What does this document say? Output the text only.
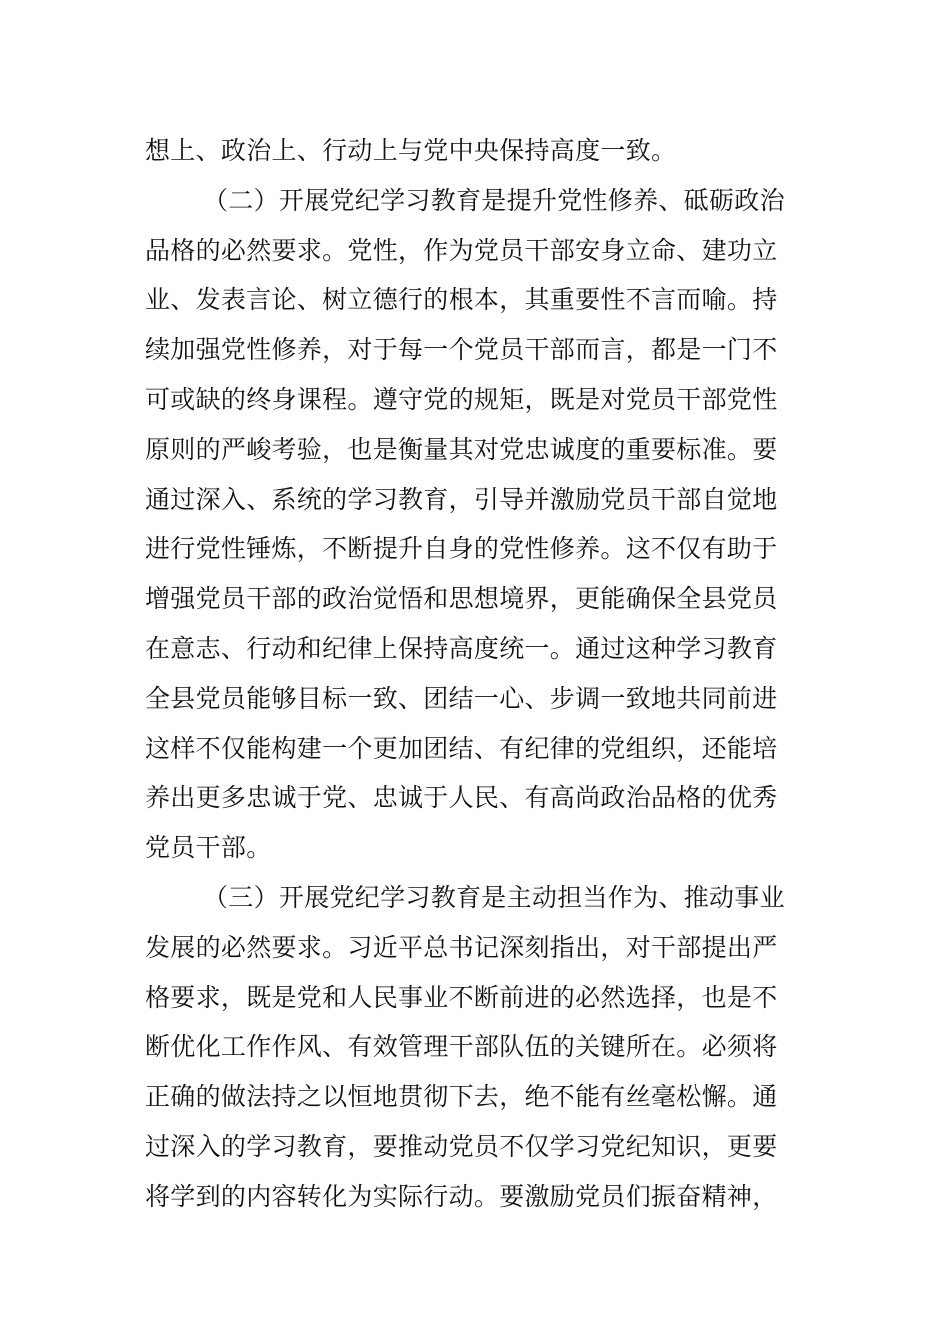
想上、政治上、行动上与党中央保持高度一致。
（二）开展党纪学习教育是提升党性修养、砥砺政治
品格的必然要求。党性，作为党员干部安身立命、建功立
业、发表言论、树立德行的根本，其重要性不言而喻。持
续加强党性修养，对于每一个党员干部而言，都是一门不
可或缺的终身课程。遵守党的规矩，既是对党员干部党性
原则的严峻考验，也是衡量其对党忠诚度的重要标准。要
通过深入、系统的学习教育，引导并激励党员干部自觉地
进行党性锤炼，不断提升自身的党性修养。这不仅有助于
增强党员干部的政治觉悟和思想境界，更能确保全县党员
在意志、行动和纪律上保持高度统一。通过这种学习教育
全县党员能够目标一致、团结一心、步调一致地共同前进
这样不仅能构建一个更加团结、有纪律的党组织，还能培
养出更多忠诚于党、忠诚于人民、有高尚政治品格的优秀
党员干部。
（三）开展党纪学习教育是主动担当作为、推动事业
发展的必然要求。习近平总书记深刻指出，对干部提出严
格要求，既是党和人民事业不断前进的必然选择，也是不
断优化工作作风、有效管理干部队伍的关键所在。必须将
正确的做法持之以恒地贯彻下去，绝不能有丝毫松懈。通
过深入的学习教育，要推动党员不仅学习党纪知识，更要
将学到的内容转化为实际行动。要激励党员们振奋精神，
